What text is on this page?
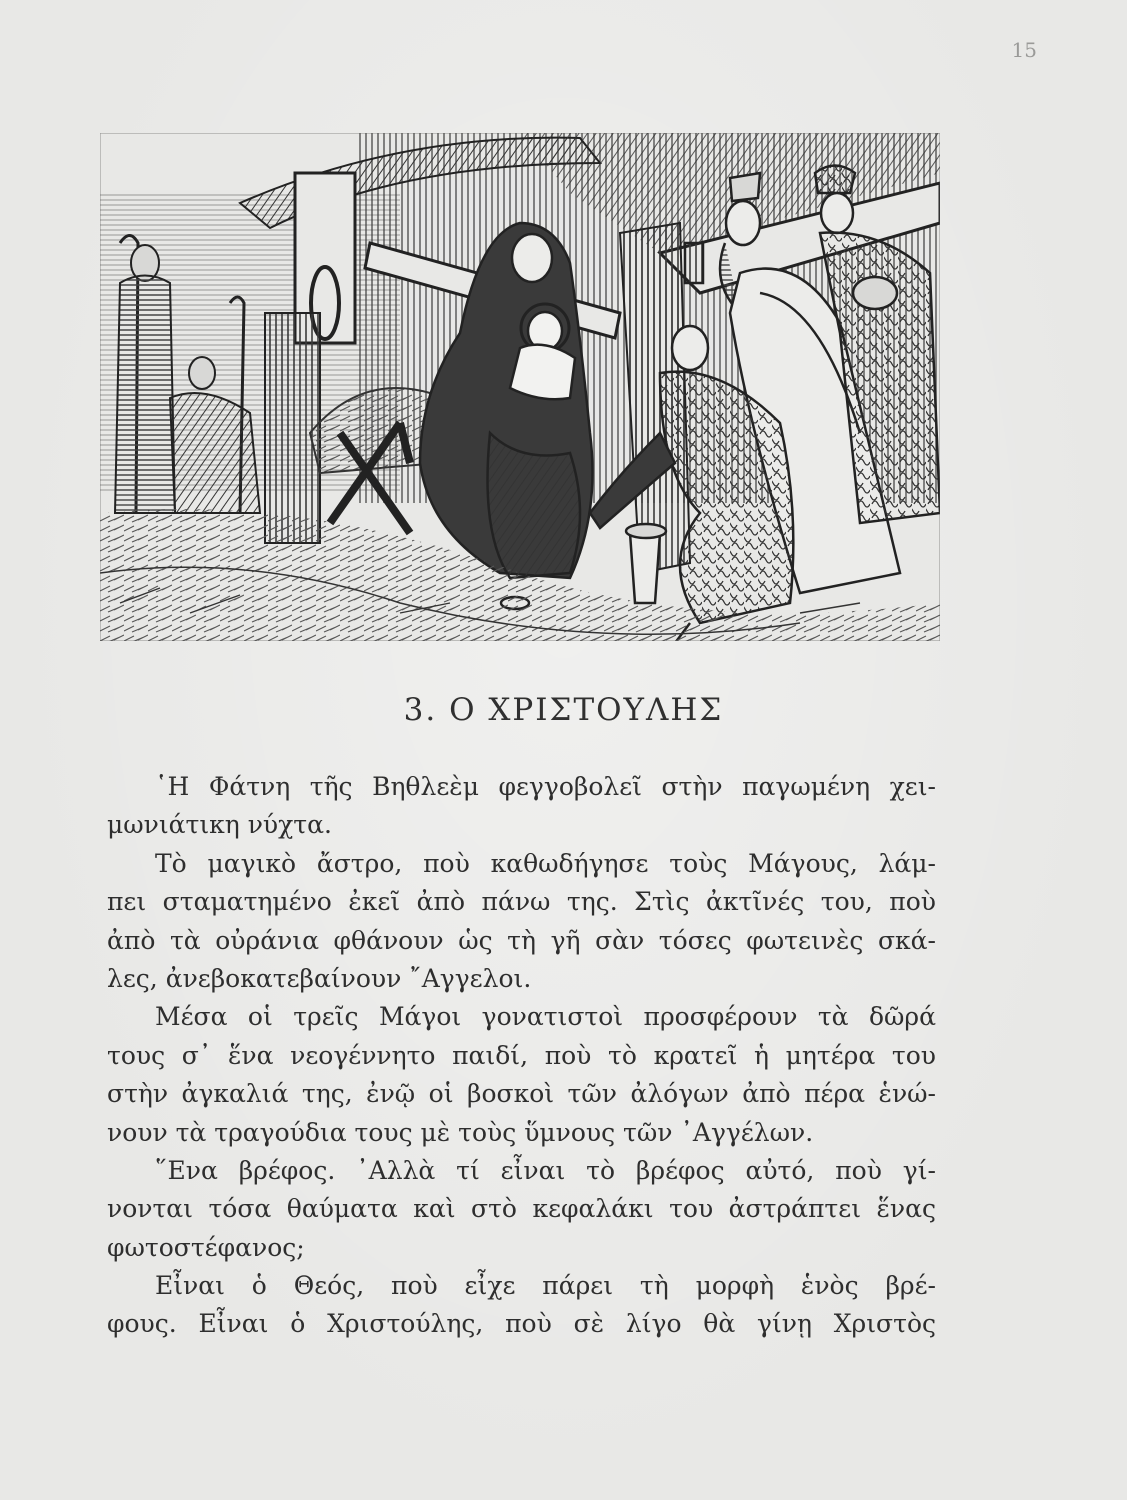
15
3. Ο ΧΡΙΣΤΟΥΛΗΣ

῾Η Φάτνη τῆς Βηθλεὲμ φεγγοβολεῖ στὴν παγωμένη χει-
μωνιάτικη νύχτα.

Τὸ μαγικὸ ἄστρο, ποὺ καθωδήγησε τοὺς Μάγους, λάμ-
πει σταματημένο ἐκεῖ ἀπὸ πάνω της. Στὶς ἀκτῖνές του, ποὺ
ἀπὸ τὰ οὐράνια φθάνουν ὡς τὴ γῆ σὰν τόσες φωτεινὲς σκά-
λες, ἀνεβοκατεβαίνουν ῎Αγγελοι.

Μέσα οἱ τρεῖς Μάγοι γονατιστοὶ προσφέρουν τὰ δῶρά
τους σ᾽ ἕνα νεογέννητο παιδί, ποὺ τὸ κρατεῖ ἡ μητέρα του
στὴν ἀγκαλιά της, ἐνῷ οἱ βοσκοὶ τῶν ἀλόγων ἀπὸ πέρα ἑνώ-
νουν τὰ τραγούδια τους μὲ τοὺς ὕμνους τῶν ᾿Αγγέλων.

῞Ενα βρέφος. ᾿Αλλὰ τί εἶναι τὸ βρέφος αὐτό, ποὺ γί-
νονται τόσα θαύματα καὶ στὸ κεφαλάκι του ἀστράπτει ἕνας
φωτοστέφανος;

Εἶναι ὁ Θεός, ποὺ εἶχε πάρει τὴ μορφὴ ἑνὸς βρέ-
φους. Εἶναι ὁ Χριστούλης, ποὺ σὲ λίγο θὰ γίνῃ Χριστὸς
